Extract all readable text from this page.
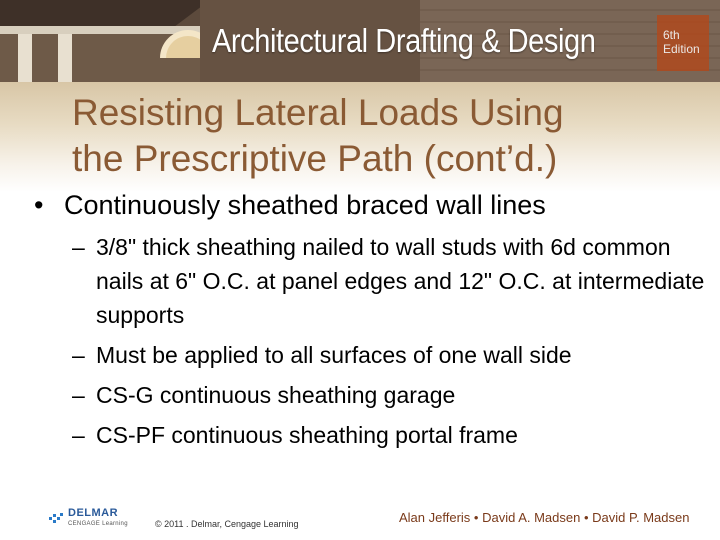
Architectural Drafting & Design	6th
Edition
Resisting Lateral Loads Using
the Prescriptive Path (cont’d.)
• Continuously sheathed braced wall lines
– 3/8" thick sheathing nailed to wall studs with 6d common nails at 6" O.C. at panel edges and 12" O.C. at intermediate supports
– Must be applied to all surfaces of one wall side
– CS-G continuous sheathing garage
– CS-PF continuous sheathing portal frame
DELMAR
CENGAGE Learning	© 2011 . Delmar, Cengage Learning	Alan Jefferis • David A. Madsen • David P. Madsen
